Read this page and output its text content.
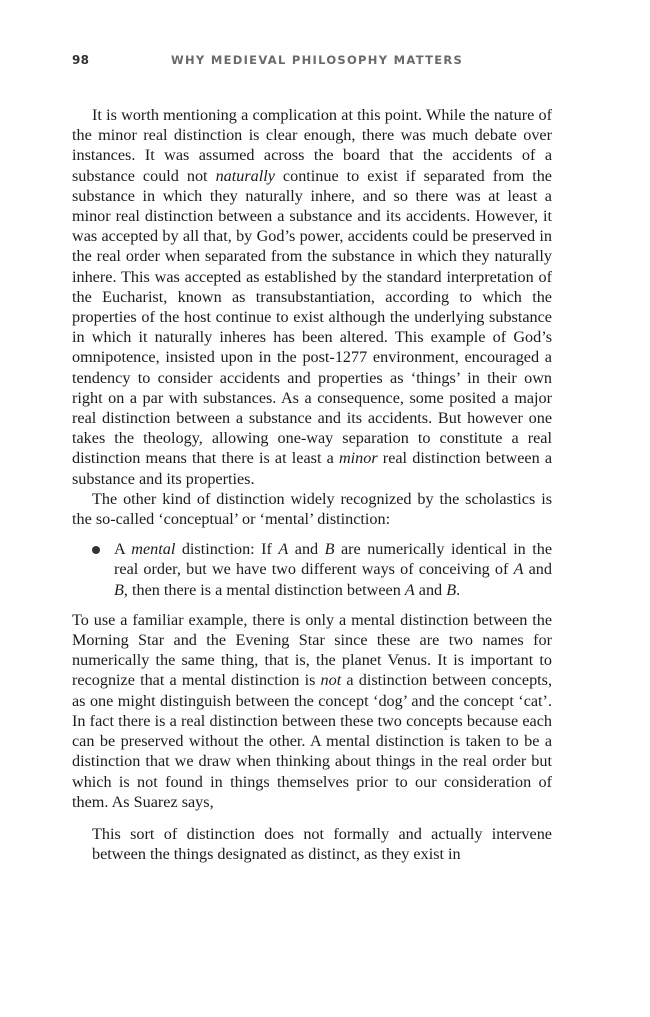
98	WHY MEDIEVAL PHILOSOPHY MATTERS

It is worth mentioning a complication at this point. While the nature of the minor real distinction is clear enough, there was much debate over instances. It was assumed across the board that the accidents of a substance could not naturally continue to exist if separated from the substance in which they naturally inhere, and so there was at least a minor real distinction between a substance and its accidents. However, it was accepted by all that, by God’s power, accidents could be preserved in the real order when separated from the substance in which they naturally inhere. This was accepted as established by the standard interpretation of the Eucharist, known as transubstantiation, according to which the properties of the host continue to exist although the underlying substance in which it naturally inheres has been altered. This example of God’s omnipotence, insisted upon in the post-1277 environment, encouraged a tendency to consider accidents and properties as ‘things’ in their own right on a par with substances. As a consequence, some posited a major real distinction between a substance and its accidents. But however one takes the theology, allowing one-way separation to constitute a real distinction means that there is at least a minor real distinction between a substance and its properties.

The other kind of distinction widely recognized by the scholastics is the so-called ‘conceptual’ or ‘mental’ distinction:

A mental distinction: If A and B are numerically identical in the real order, but we have two different ways of conceiving of A and B, then there is a mental distinction between A and B.

To use a familiar example, there is only a mental distinction between the Morning Star and the Evening Star since these are two names for numerically the same thing, that is, the planet Venus. It is important to recognize that a mental distinction is not a distinction between concepts, as one might distinguish between the concept ‘dog’ and the concept ‘cat’. In fact there is a real distinction between these two concepts because each can be preserved without the other. A mental distinction is taken to be a distinction that we draw when thinking about things in the real order but which is not found in things themselves prior to our consideration of them. As Suarez says,

This sort of distinction does not formally and actually intervene between the things designated as distinct, as they exist in
